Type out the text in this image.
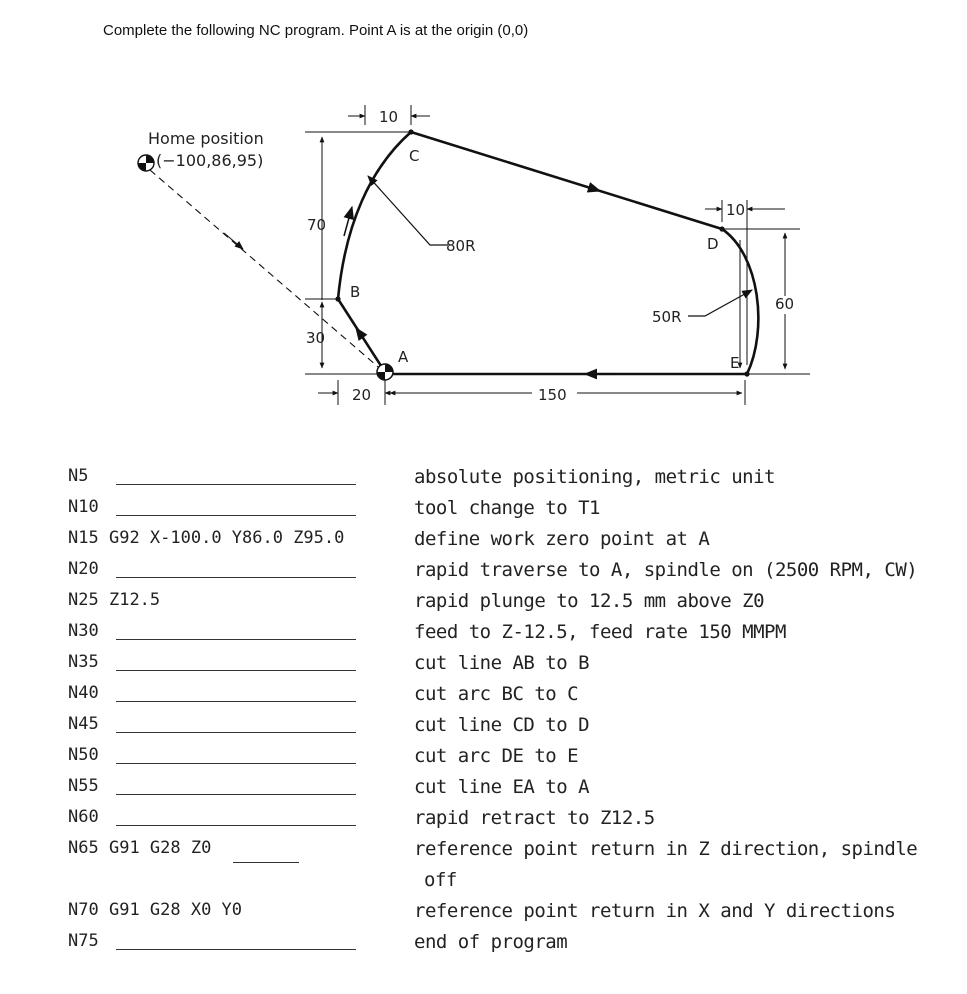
Complete the following NC program. Point A is at the origin (0,0)
Home position
(−100,86,95)
A
B
C
D
E
10
10
70
30
20	150
60
80R
50R
N5
N10
N15 G92 X-100.0 Y86.0 Z95.0
N20
N25 Z12.5
N30
N35
N40
N45
N50
N55
N60
N65 G91 G28 Z0
N70 G91 G28 X0 Y0
N75
absolute positioning, metric unit
tool change to T1
define work zero point at A
rapid traverse to A, spindle on (2500 RPM, CW)
rapid plunge to 12.5 mm above Z0
feed to Z-12.5, feed rate 150 MMPM
cut line AB to B
cut arc BC to C
cut line CD to D
cut arc DE to E
cut line EA to A
rapid retract to Z12.5
reference point return in Z direction, spindle
off
reference point return in X and Y directions
end of program
